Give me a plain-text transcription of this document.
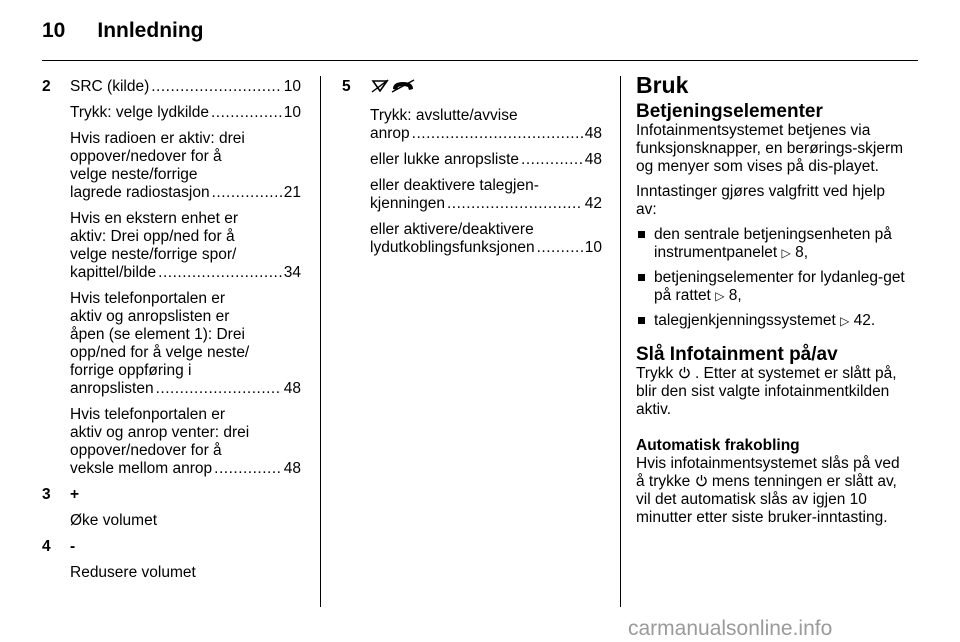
10 Innledning
2 SRC (kilde) .....	10
Trykk: velge lydkilde .....	10
Hvis radioen er aktiv: drei
oppover/nedover for å
velge neste/forrige
lagrede radiostasjon .....	21
Hvis en ekstern enhet er
aktiv: Drei opp/ned for å
velge neste/forrige spor/
kapittel/bilde .....	34
Hvis telefonportalen er
aktiv og anropslisten er
åpen (se element 1): Drei
opp/ned for å velge neste/
forrige oppføring i
anropslisten .....	48
Hvis telefonportalen er
aktiv og anrop venter: drei
oppover/nedover for å
veksle mellom anrop .....	48
3 +
Øke volumet
4 -
Redusere volumet
5
Trykk: avslutte/avvise
anrop .....	48
eller lukke anropsliste .....	48
eller deaktivere talegjen-
kjenningen .....	42
eller aktivere/deaktivere
lydutkoblingsfunksjonen .....	10
Bruk
Betjeningselementer

Infotainmentsystemet betjenes via funksjonsknapper, en berørings-skjerm og menyer som vises på dis-playet.

Inntastinger gjøres valgfritt ved hjelp av:

den sentrale betjeningsenheten på instrumentpanelet ▷ 8,
betjeningselementer for lydanleg-get på rattet ▷ 8,
talegjenkjenningssystemet ▷ 42.
Slå Infotainment på/av

Trykk . Etter at systemet er slått på, blir den sist valgte infotainmentkilden aktiv.

Automatisk frakobling

Hvis infotainmentsystemet slås på ved å trykke mens tenningen er slått av, vil det automatisk slås av igjen 10 minutter etter siste bruker-inntasting.

carmanualsonline.info
